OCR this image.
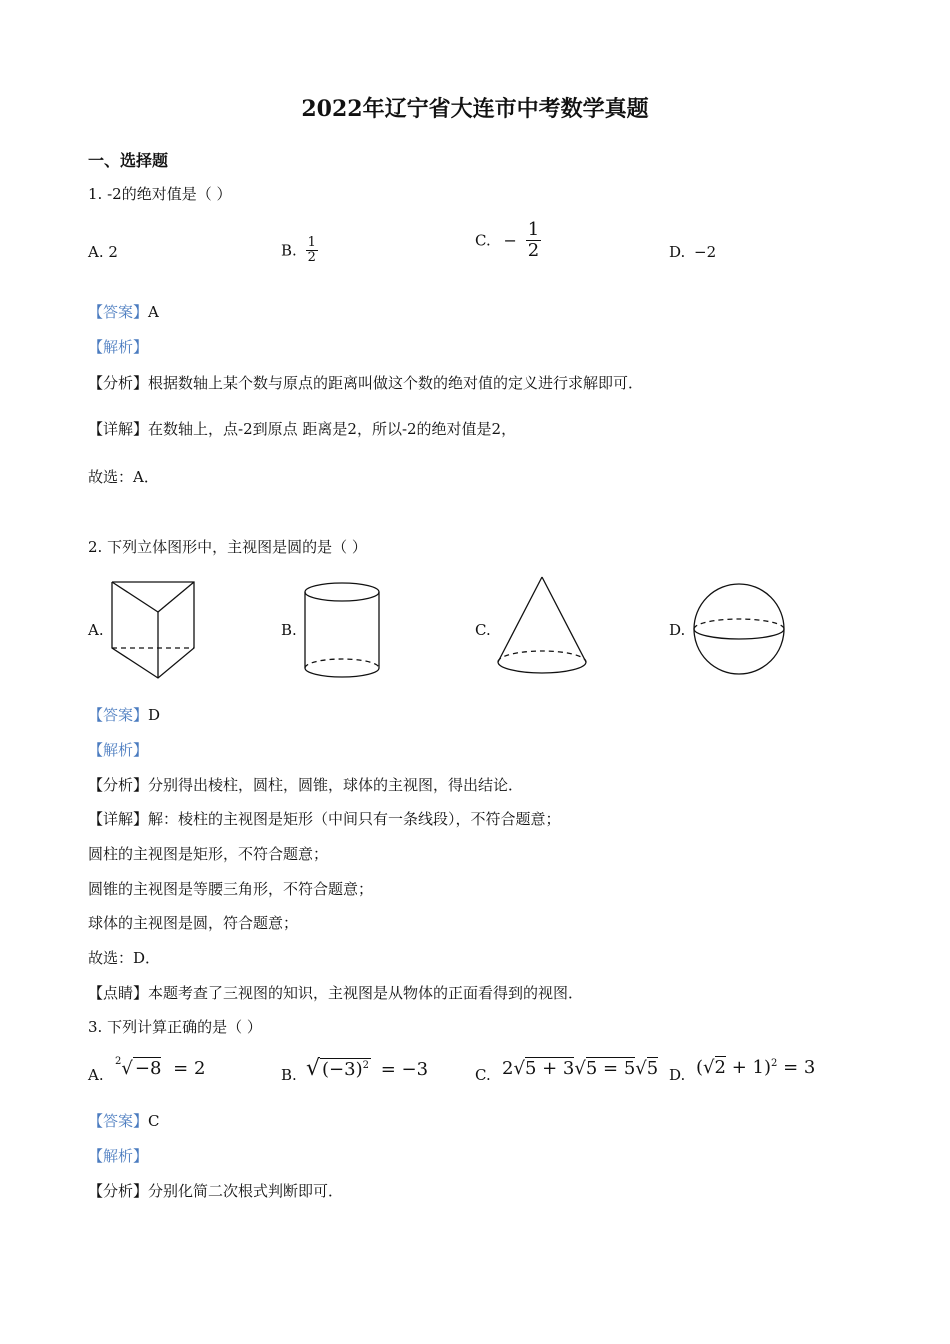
2022年辽宁省大连市中考数学真题
一、选择题
1. -2的绝对值是（ ）
A. 2	B. $\frac{1}{2}$	C. − $\frac{1}{2}$	D. −2
【答案】A
【解析】
【分析】根据数轴上某个数与原点的距离叫做这个数的绝对值的定义进行求解即可．
【详解】在数轴上，点-2到原点 距离是2，所以-2的绝对值是2，
故选：A．
2. 下列立体图形中，主视图是圆的是（ ）
A.	B.	C.	D.
【答案】D
【解析】
【分析】分别得出棱柱，圆柱，圆锥，球体的主视图，得出结论．
【详解】解：棱柱的主视图是矩形（中间只有一条线段），不符合题意；
圆柱的主视图是矩形，不符合题意；
圆锥的主视图是等腰三角形，不符合题意；
球体的主视图是圆，符合题意；
故选：D．
【点睛】本题考查了三视图的知识，主视图是从物体的正面看得到的视图．
3. 下列计算正确的是（ ）
A.
$^2$√ −8 = 2	B. √ $(-3)^2 = -3$	C. 2√5 + 3√5 = 5√5 D. $(√2 + 1)^2 = 3$
【答案】C
【解析】
【分析】分别化简二次根式判断即可．
